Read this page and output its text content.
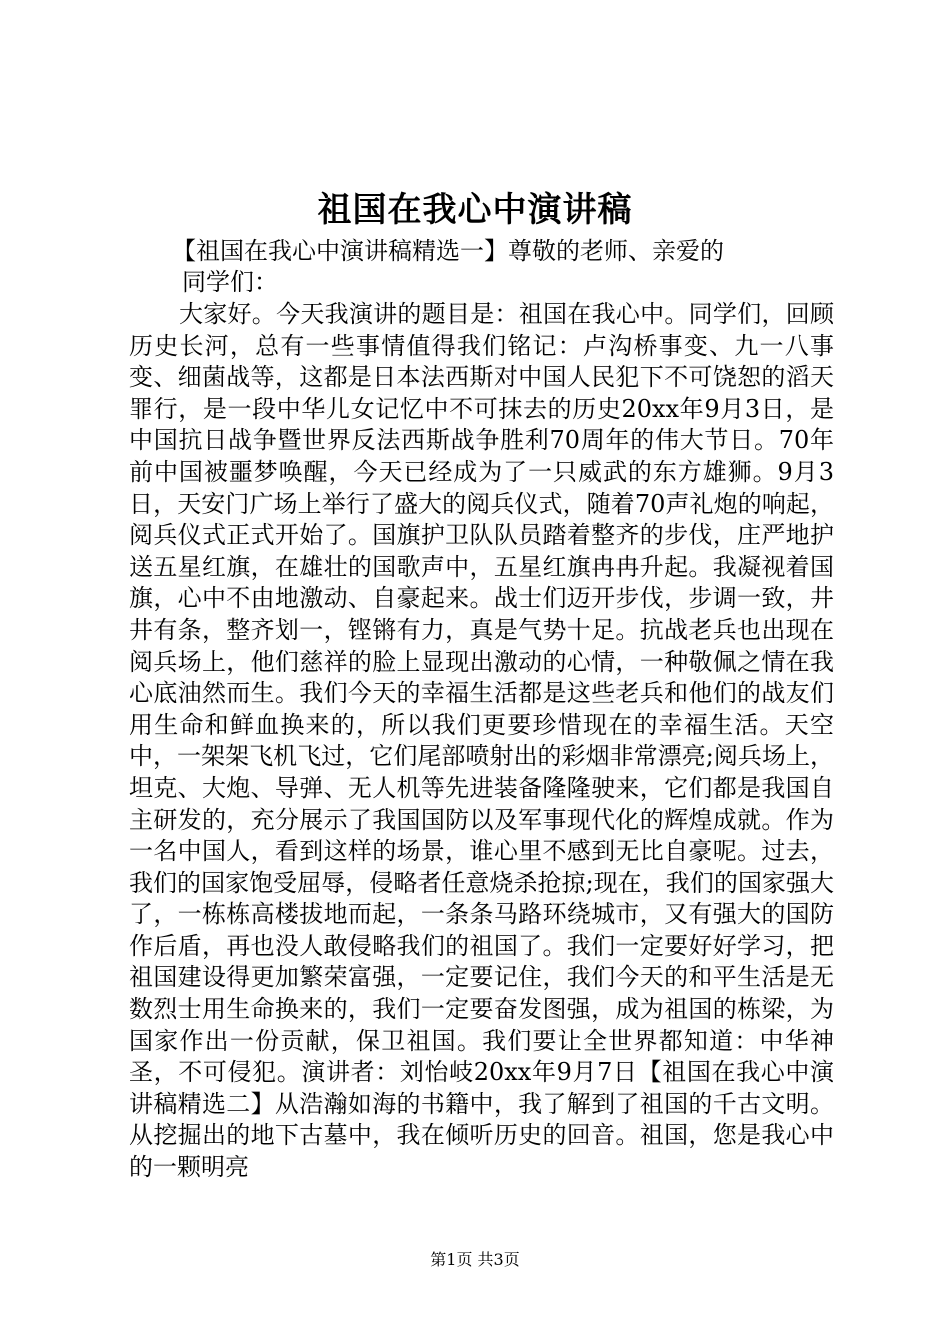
祖国在我心中演讲稿
【祖国在我心中演讲稿精选一】尊敬的老师、亲爱的
同学们：
大家好。今天我演讲的题目是：祖国在我心中。同学们，回顾历史长河，总有一些事情值得我们铭记：卢沟桥事变、九一八事变、细菌战等，这都是日本法西斯对中国人民犯下不可饶恕的滔天罪行，是一段中华儿女记忆中不可抹去的历史20xx年9月3日，是中国抗日战争暨世界反法西斯战争胜利70周年的伟大节日。70年前中国被噩梦唤醒，今天已经成为了一只威武的东方雄狮。9月3日，天安门广场上举行了盛大的阅兵仪式，随着70声礼炮的响起，阅兵仪式正式开始了。国旗护卫队队员踏着整齐的步伐，庄严地护送五星红旗，在雄壮的国歌声中，五星红旗冉冉升起。我凝视着国旗，心中不由地激动、自豪起来。战士们迈开步伐，步调一致，井井有条，整齐划一，铿锵有力，真是气势十足。抗战老兵也出现在阅兵场上，他们慈祥的脸上显现出激动的心情，一种敬佩之情在我心底油然而生。我们今天的幸福生活都是这些老兵和他们的战友们用生命和鲜血换来的，所以我们更要珍惜现在的幸福生活。天空中，一架架飞机飞过，它们尾部喷射出的彩烟非常漂亮;阅兵场上，坦克、大炮、导弹、无人机等先进装备隆隆驶来，它们都是我国自主研发的，充分展示了我国国防以及军事现代化的辉煌成就。作为一名中国人，看到这样的场景，谁心里不感到无比自豪呢。过去，我们的国家饱受屈辱，侵略者任意烧杀抢掠;现在，我们的国家强大了，一栋栋高楼拔地而起，一条条马路环绕城市，又有强大的国防作后盾，再也没人敢侵略我们的祖国了。我们一定要好好学习，把祖国建设得更加繁荣富强，一定要记住，我们今天的和平生活是无数烈士用生命换来的，我们一定要奋发图强，成为祖国的栋梁，为国家作出一份贡献，保卫祖国。我们要让全世界都知道：中华神圣，不可侵犯。演讲者：刘怡岐20xx年9月7日【祖国在我心中演讲稿精选二】从浩瀚如海的书籍中，我了解到了祖国的千古文明。从挖掘出的地下古墓中，我在倾听历史的回音。祖国，您是我心中的一颗明亮
第1页 共3页
